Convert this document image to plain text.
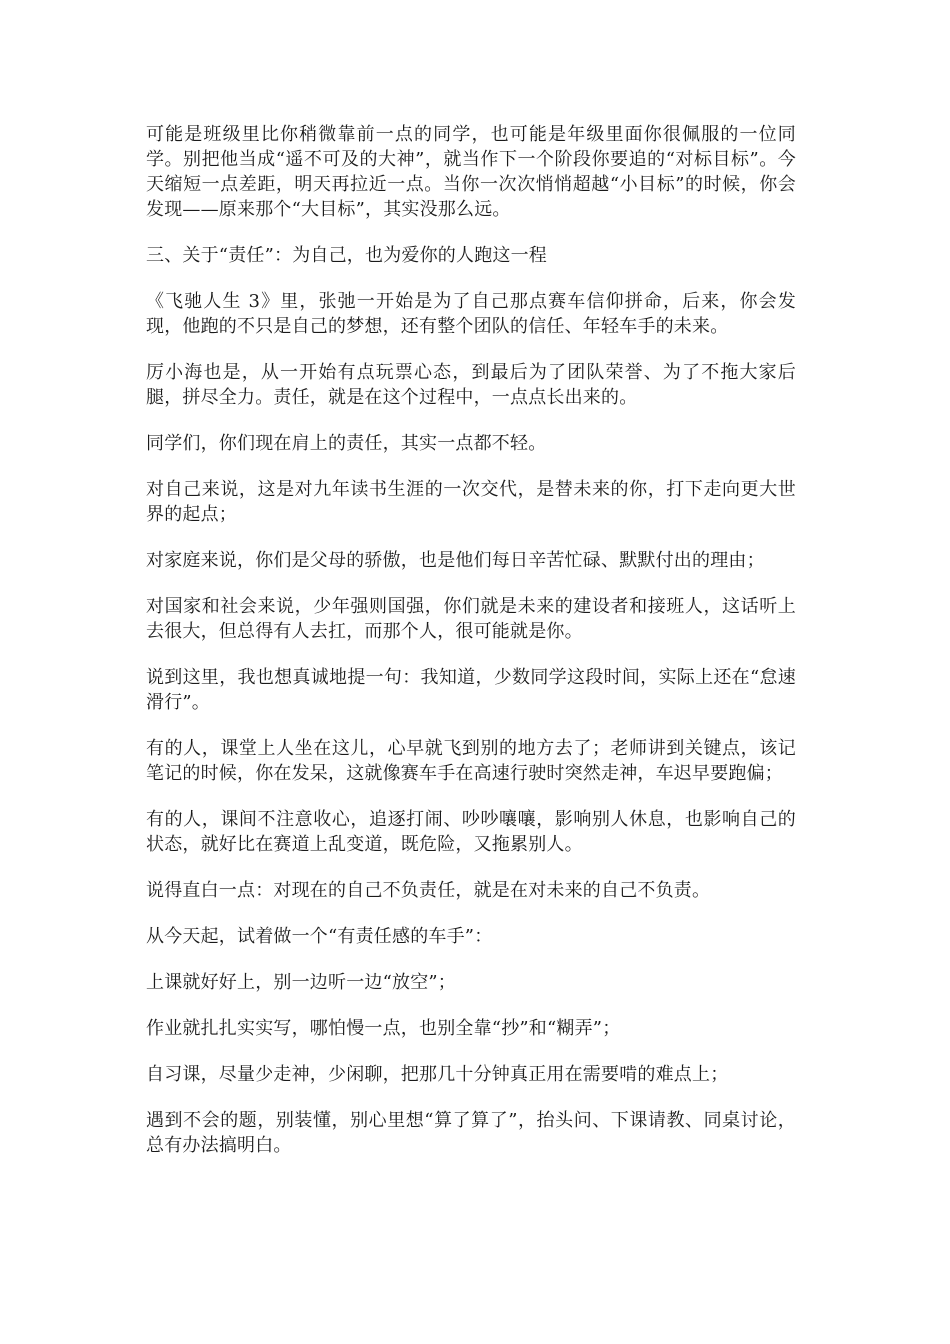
可能是班级里比你稍微靠前一点的同学，也可能是年级里面你很佩服的一位同学。别把他当成“遥不可及的大神”，就当作下一个阶段你要追的“对标目标”。今天缩短一点差距，明天再拉近一点。当你一次次悄悄超越“小目标”的时候，你会发现——原来那个“大目标”，其实没那么远。

三、关于“责任”：为自己，也为爱你的人跑这一程

《飞驰人生 3》里，张弛一开始是为了自己那点赛车信仰拼命，后来，你会发现，他跑的不只是自己的梦想，还有整个团队的信任、年轻车手的未来。

厉小海也是，从一开始有点玩票心态，到最后为了团队荣誉、为了不拖大家后腿，拼尽全力。责任，就是在这个过程中，一点点长出来的。

同学们，你们现在肩上的责任，其实一点都不轻。

对自己来说，这是对九年读书生涯的一次交代，是替未来的你，打下走向更大世界的起点；

对家庭来说，你们是父母的骄傲，也是他们每日辛苦忙碌、默默付出的理由；

对国家和社会来说，少年强则国强，你们就是未来的建设者和接班人，这话听上去很大，但总得有人去扛，而那个人，很可能就是你。

说到这里，我也想真诚地提一句：我知道，少数同学这段时间，实际上还在“怠速滑行”。

有的人，课堂上人坐在这儿，心早就飞到别的地方去了；老师讲到关键点，该记笔记的时候，你在发呆，这就像赛车手在高速行驶时突然走神，车迟早要跑偏；

有的人，课间不注意收心，追逐打闹、吵吵嚷嚷，影响别人休息，也影响自己的状态，就好比在赛道上乱变道，既危险，又拖累别人。

说得直白一点：对现在的自己不负责任，就是在对未来的自己不负责。

从今天起，试着做一个“有责任感的车手”：

上课就好好上，别一边听一边“放空”；

作业就扎扎实实写，哪怕慢一点，也别全靠“抄”和“糊弄”；

自习课，尽量少走神，少闲聊，把那几十分钟真正用在需要啃的难点上；

遇到不会的题，别装懂，别心里想“算了算了”，抬头问、下课请教、同桌讨论，总有办法搞明白。
